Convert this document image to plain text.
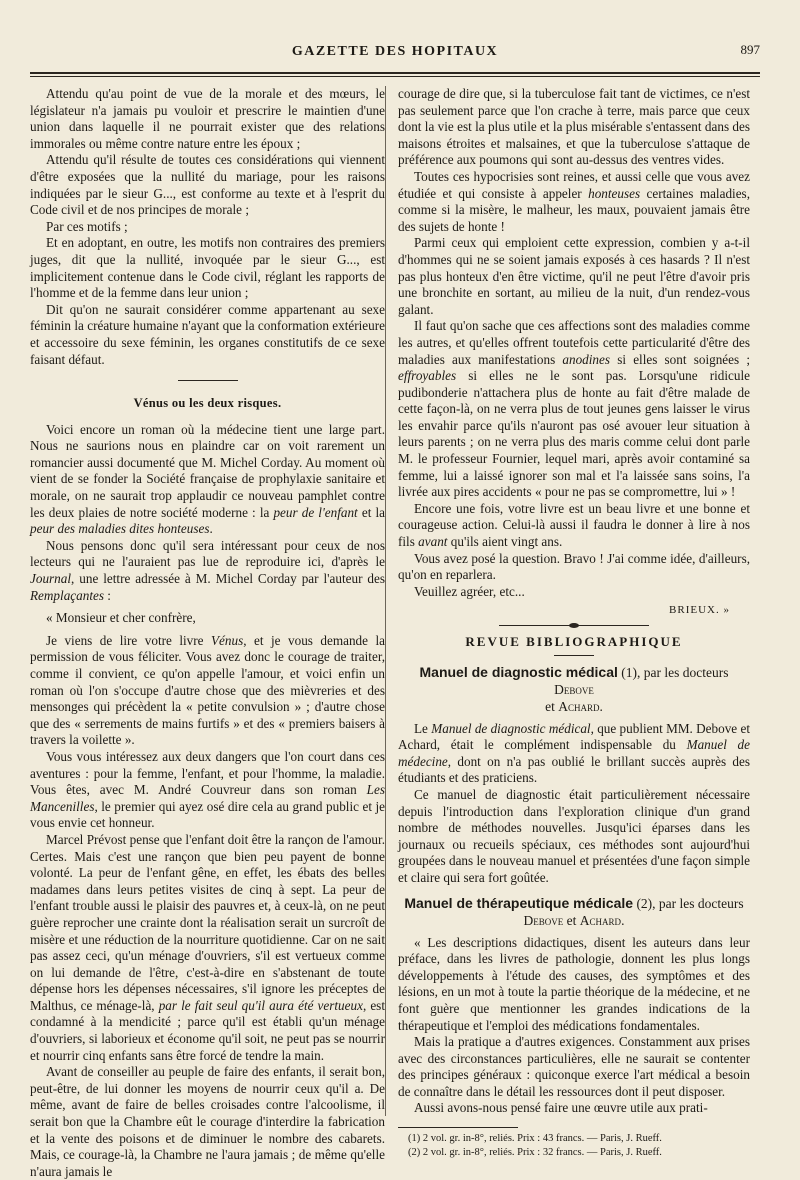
GAZETTE DES HOPITAUX	897

Attendu qu'au point de vue de la morale et des mœurs, le législateur n'a jamais pu vouloir et prescrire le maintien d'une union dans laquelle il ne pourrait exister que des relations immorales ou même contre nature entre les époux ;

Attendu qu'il résulte de toutes ces considérations qui viennent d'être exposées que la nullité du mariage, pour les raisons indiquées par le sieur G..., est conforme au texte et à l'esprit du Code civil et de nos principes de morale ;

Par ces motifs ;

Et en adoptant, en outre, les motifs non contraires des premiers juges, dit que la nullité, invoquée par le sieur G..., est implicitement contenue dans le Code civil, réglant les rapports de l'homme et de la femme dans leur union ;

Dit qu'on ne saurait considérer comme appartenant au sexe féminin la créature humaine n'ayant que la conformation extérieure et accessoire du sexe féminin, les organes constitutifs de ce sexe faisant défaut.

Vénus ou les deux risques.

Voici encore un roman où la médecine tient une large part. Nous ne saurions nous en plaindre car on voit rarement un romancier aussi documenté que M. Michel Corday. Au moment où vient de se fonder la Société française de prophylaxie sanitaire et morale, on ne saurait trop applaudir ce nouveau pamphlet contre les deux plaies de notre société moderne : la peur de l'enfant et la peur des maladies dites honteuses.

Nous pensons donc qu'il sera intéressant pour ceux de nos lecteurs qui ne l'auraient pas lue de reproduire ici, d'après le Journal, une lettre adressée à M. Michel Corday par l'auteur des Remplaçantes :

« Monsieur et cher confrère,

Je viens de lire votre livre Vénus, et je vous demande la permission de vous féliciter. Vous avez donc le courage de traiter, comme il convient, ce qu'on appelle l'amour, et voici enfin un roman où l'on s'occupe d'autre chose que des mièvreries et des mensonges qui précèdent la « petite convulsion » ; d'autre chose que des « serrements de mains furtifs » et des « premiers baisers à travers la voilette ».

Vous vous intéressez aux deux dangers que l'on court dans ces aventures : pour la femme, l'enfant, et pour l'homme, la maladie. Vous êtes, avec M. André Couvreur dans son roman Les Mancenilles, le premier qui ayez osé dire cela au grand public et je vous envie cet honneur.

Marcel Prévost pense que l'enfant doit être la rançon de l'amour. Certes. Mais c'est une rançon que bien peu payent de bonne volonté. La peur de l'enfant gêne, en effet, les ébats des belles madames dans leurs petites visites de cinq à sept. La peur de l'enfant trouble aussi le plaisir des pauvres et, à ceux-là, on ne peut guère reprocher une crainte dont la réalisation serait un surcroît de misère et une réduction de la nourriture quotidienne. Car on ne sait pas assez ceci, qu'un ménage d'ouvriers, s'il est vertueux comme on lui demande de l'être, c'est-à-dire en s'abstenant de toute dépense hors les dépenses nécessaires, s'il ignore les préceptes de Malthus, ce ménage-là, par le fait seul qu'il aura été vertueux, est condamné à la mendicité ; parce qu'il est établi qu'un ménage d'ouvriers, si laborieux et économe qu'il soit, ne peut pas se nourrir et nourrir cinq enfants sans être forcé de tendre la main.

Avant de conseiller au peuple de faire des enfants, il serait bon, peut-être, de lui donner les moyens de nourrir ceux qu'il a. De même, avant de faire de belles croisades contre l'alcoolisme, il serait bon que la Chambre eût le courage d'interdire la fabrication et la vente des poisons et de diminuer le nombre des cabarets. Mais, ce courage-là, la Chambre ne l'aura jamais ; de même qu'elle n'aura jamais le

courage de dire que, si la tuberculose fait tant de victimes, ce n'est pas seulement parce que l'on crache à terre, mais parce que ceux dont la vie est la plus utile et la plus misérable s'entassent dans des maisons étroites et malsaines, et que la tuberculose s'attaque de préférence aux poumons qui sont au-dessus des ventres vides.

Toutes ces hypocrisies sont reines, et aussi celle que vous avez étudiée et qui consiste à appeler honteuses certaines maladies, comme si la misère, le malheur, les maux, pouvaient jamais être des sujets de honte !

Parmi ceux qui emploient cette expression, combien y a-t-il d'hommes qui ne se soient jamais exposés à ces hasards ? Il n'est pas plus honteux d'en être victime, qu'il ne peut l'être d'avoir pris une bronchite en sortant, au milieu de la nuit, d'un rendez-vous galant.

Il faut qu'on sache que ces affections sont des maladies comme les autres, et qu'elles offrent toutefois cette particularité d'être des maladies aux manifestations anodines si elles sont soignées ; effroyables si elles ne le sont pas. Lorsqu'une ridicule pudibonderie n'attachera plus de honte au fait d'être malade de cette façon-là, on ne verra plus de tout jeunes gens laisser le virus les envahir parce qu'ils n'auront pas osé avouer leur situation à leurs parents ; on ne verra plus des maris comme celui dont parle M. le professeur Fournier, lequel mari, après avoir contaminé sa femme, lui a laissé ignorer son mal et l'a laissée sans soins, l'a livrée aux pires accidents « pour ne pas se compromettre, lui » !

Encore une fois, votre livre est un beau livre et une bonne et courageuse action. Celui-là aussi il faudra le donner à lire à nos fils avant qu'ils aient vingt ans.

Vous avez posé la question. Bravo ! J'ai comme idée, d'ailleurs, qu'on en reparlera.

Veuillez agréer, etc...

BRIEUX. »
REVUE BIBLIOGRAPHIQUE
Manuel de diagnostic médical (1), par les docteurs Debove
et Achard.

Le Manuel de diagnostic médical, que publient MM. Debove et Achard, était le complément indispensable du Manuel de médecine, dont on n'a pas oublié le brillant succès auprès des étudiants et des praticiens.

Ce manuel de diagnostic était particulièrement nécessaire depuis l'introduction dans l'exploration clinique d'un grand nombre de méthodes nouvelles. Jusqu'ici éparses dans les journaux ou recueils spéciaux, ces méthodes sont aujourd'hui groupées dans le nouveau manuel et présentées d'une façon simple et claire qui sera fort goûtée.

Manuel de thérapeutique médicale (2), par les docteurs
Debove et Achard.

« Les descriptions didactiques, disent les auteurs dans leur préface, dans les livres de pathologie, donnent les plus longs développements à l'étude des causes, des symptômes et des lésions, en un mot à toute la partie théorique de la médecine, et ne font guère que mentionner les grandes indications de la thérapeutique et l'emploi des médications fondamentales.

Mais la pratique a d'autres exigences. Constamment aux prises avec des circonstances particulières, elle ne saurait se contenter des principes généraux : quiconque exerce l'art médical a besoin de connaître dans le détail les ressources dont il peut disposer.

Aussi avons-nous pensé faire une œuvre utile aux prati-

(1) 2 vol. gr. in-8°, reliés. Prix : 43 francs. — Paris, J. Rueff.
(2) 2 vol. gr. in-8°, reliés. Prix : 32 francs. — Paris, J. Rueff.
